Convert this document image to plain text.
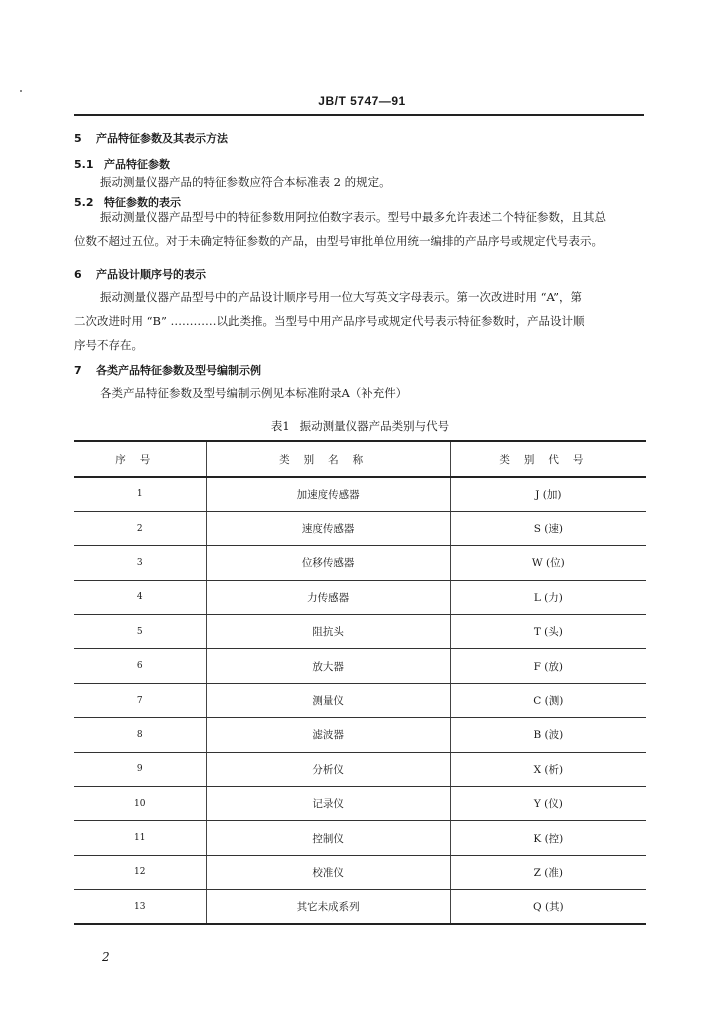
JB/T 5747—91
5 产品特征参数及其表示方法
5.1 产品特征参数
振动测量仪器产品的特征参数应符合本标准表 2 的规定。
5.2 特征参数的表示
振动测量仪器产品型号中的特征参数用阿拉伯数字表示。型号中最多允许表述二个特征参数，且其总
位数不超过五位。对于未确定特征参数的产品，由型号审批单位用统一编排的产品序号或规定代号表示。
6 产品设计顺序号的表示
振动测量仪器产品型号中的产品设计顺序号用一位大写英文字母表示。第一次改进时用 “A”，第
二次改进时用 “B” …………以此类推。当型号中用产品序号或规定代号表示特征参数时，产品设计顺
序号不存在。
7 各类产品特征参数及型号编制示例
各类产品特征参数及型号编制示例见本标准附录A（补充件）
表1 振动测量仪器产品类别与代号
序号	类别名称	类别代号
1	加速度传感器	J (加)
2	速度传感器	S (速)
3	位移传感器	W (位)
4	力传感器	L (力)
5	阻抗头	T (头)
6	放大器	F (放)
7	测量仪	C (测)
8	滤波器	B (波)
9	分析仪	X (析)
10	记录仪	Y (仪)
11	控制仪	K (控)
12	校准仪	Z (准)
13	其它未成系列	Q (其)
2
